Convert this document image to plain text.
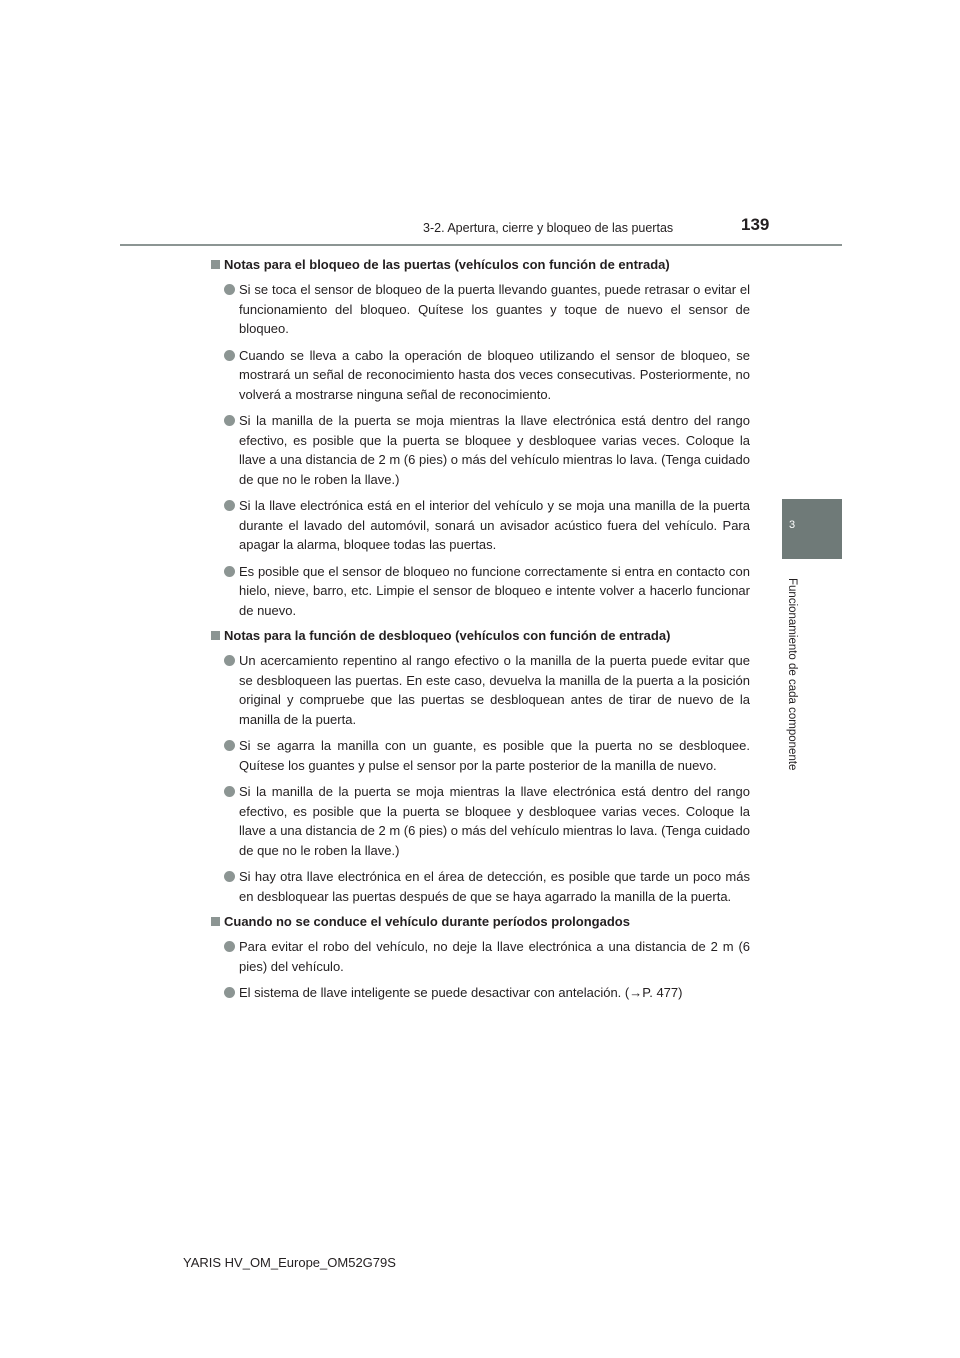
3-2. Apertura, cierre y bloqueo de las puertas	139
3
Funcionamiento de cada componente
Notas para el bloqueo de las puertas (vehículos con función de entrada)
Si se toca el sensor de bloqueo de la puerta llevando guantes, puede retrasar o evitar el funcionamiento del bloqueo. Quítese los guantes y toque de nuevo el sensor de bloqueo.
Cuando se lleva a cabo la operación de bloqueo utilizando el sensor de bloqueo, se mostrará un señal de reconocimiento hasta dos veces consecutivas. Posteriormente, no volverá a mostrarse ninguna señal de reconocimiento.
Si la manilla de la puerta se moja mientras la llave electrónica está dentro del rango efectivo, es posible que la puerta se bloquee y desbloquee varias veces. Coloque la llave a una distancia de 2 m (6 pies) o más del vehículo mientras lo lava. (Tenga cuidado de que no le roben la llave.)
Si la llave electrónica está en el interior del vehículo y se moja una manilla de la puerta durante el lavado del automóvil, sonará un avisador acústico fuera del vehículo. Para apagar la alarma, bloquee todas las puertas.
Es posible que el sensor de bloqueo no funcione correctamente si entra en contacto con hielo, nieve, barro, etc. Limpie el sensor de bloqueo e intente volver a hacerlo funcionar de nuevo.
Notas para la función de desbloqueo (vehículos con función de entrada)
Un acercamiento repentino al rango efectivo o la manilla de la puerta puede evitar que se desbloqueen las puertas. En este caso, devuelva la manilla de la puerta a la posición original y compruebe que las puertas se desbloquean antes de tirar de nuevo de la manilla de la puerta.
Si se agarra la manilla con un guante, es posible que la puerta no se desbloquee. Quítese los guantes y pulse el sensor por la parte posterior de la manilla de nuevo.
Si la manilla de la puerta se moja mientras la llave electrónica está dentro del rango efectivo, es posible que la puerta se bloquee y desbloquee varias veces. Coloque la llave a una distancia de 2 m (6 pies) o más del vehículo mientras lo lava. (Tenga cuidado de que no le roben la llave.)
Si hay otra llave electrónica en el área de detección, es posible que tarde un poco más en desbloquear las puertas después de que se haya agarrado la manilla de la puerta.
Cuando no se conduce el vehículo durante períodos prolongados
Para evitar el robo del vehículo, no deje la llave electrónica a una distancia de 2 m (6 pies) del vehículo.
El sistema de llave inteligente se puede desactivar con antelación. (→P. 477)
YARIS HV_OM_Europe_OM52G79S
